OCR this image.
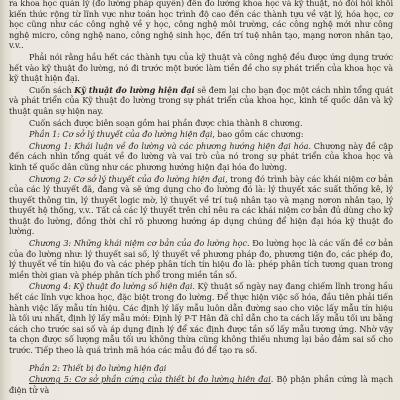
ra khoa học quản lý (đo lường pháp quyền) đến đo lường khoa học và kỹ thuật, nó đòi hỏi khối kiến thức rộng từ lĩnh vực như toán học trình độ cao đến các thành tựu về vật lý, hóa học, cơ học cũng như các công nghệ về y học, công nghệ môi trường, các công nghệ mới như công nghệ micro, công nghệ nano, công nghệ sinh học, đến trí tuệ nhân tạo, mạng nơron nhân tạo, v.v..

Phải nói rằng hầu hết các thành tựu của kỹ thuật và công nghệ đều được ứng dụng trước hết vào kỹ thuật đo lường, nó đi trước một bước làm tiền đề cho sự phát triển của khoa học và kỹ thuật hiện đại.

Cuốn sách Kỹ thuật đo lường hiện đại sẽ đem lại cho bạn đọc một cách nhìn tổng quát và phát triển của Kỹ thuật đo lường trong sự phát triển của khoa học, kinh tế quốc dân và kỹ thuật quân sự hiện nay.

Cuốn sách được biên soạn gồm hai phần được chia thành 8 chương.

Phần 1: Cơ sở lý thuyết của đo lường hiện đại, bao gồm các chương:

Chương 1: Khái luận về đo lường và các phương hướng hiện đại hóa. Chương này đề cập đến cách nhìn tổng quát về đo lường và vai trò của nó trong sự phát triển của khoa học và kinh tế quốc dân cũng như các phương hướng hiện đại hóa đo lường.

Chương 2: Cơ sở lý thuyết của đo lường hiện đại, trong đó trình bày các khái niệm cơ bản của các lý thuyết đã, đang và sẽ ứng dụng cho đo lường đó là: lý thuyết xác suất thống kê, lý thuyết thông tin, lý thuyết logic mờ, lý thuyết về trí tuệ nhân tạo và mạng nơron nhân tạo, lý thuyết hệ thống, v.v.. Tất cả các lý thuyết trên chỉ nêu ra các khái niệm cơ bản đủ dùng cho kỹ thuật đo lường, đồng thời chỉ rõ phương hướng áp dụng chúng để hiện đại hóa kỹ thuật đo lường.

Chương 3: Những khái niệm cơ bản của đo lường học. Đo lường học là các vấn đề cơ bản của đo lường như: lý thuyết sai số, lý thuyết về phương pháp đo, phương tiện đo, các phép đo, lý thuyết về tín hiệu đo và các phép phân tích tín hiệu đo là: phép phân tích tương quan trong miền thời gian và phép phân tích phổ trong miền tần số.

Chương 4: Kỹ thuật đo lường số hiện đại. Kỹ thuật số ngày nay đang chiếm lĩnh trong hầu hết các lĩnh vực khoa học, đặc biệt trong đo lường. Để thực hiện việc số hóa, đầu tiên phải tiến hành việc lấy mẫu tín hiệu. Các định lý lấy mẫu luôn dẫn đường sao cho việc lấy mẫu tín hiệu là tối ưu nhất, định lý lấy mẫu mới: Định lý P-T Hân đã chỉ dẫn cho ta cách lấy mẫu tối ưu bằng cách cho trước sai số và áp dụng định lý để xác định được tần số lấy mẫu tương ứng. Nhờ vậy ta chọn được số lượng mẫu tối ưu không thừa cũng không thiếu nhưng lại bảo đảm sai số cho trước. Tiếp theo là quá trình mã hóa các mẫu đó để tạo ra số.

Phần 2: Thiết bị đo lường hiện đại

Chương 5: Cơ sở phần cứng của thiết bị đo lường hiện đại. Bộ phận phần cứng là mạch điện tử và
